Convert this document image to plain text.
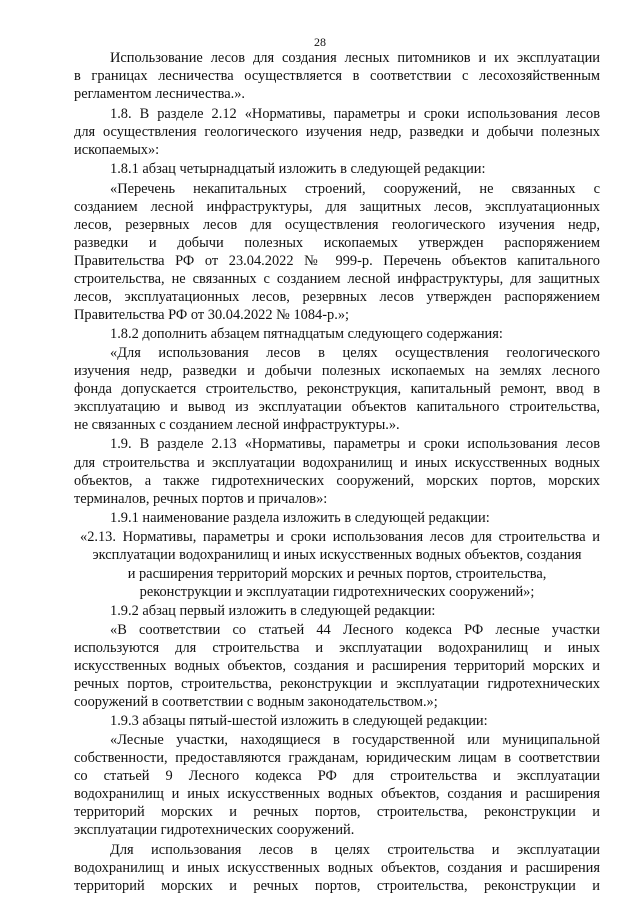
28
Использование лесов для создания лесных питомников и их эксплуатации
в границах лесничества осуществляется в соответствии с лесохозяйственным
регламентом лесничества.».
1.8. В разделе 2.12 «Нормативы, параметры и сроки использования лесов
для осуществления геологического изучения недр, разведки и добычи полезных
ископаемых»:
1.8.1 абзац четырнадцатый изложить в следующей редакции:
«Перечень некапитальных строений, сооружений, не связанных с
созданием лесной инфраструктуры, для защитных лесов, эксплуатационных
лесов, резервных лесов для осуществления геологического изучения недр,
разведки и добычи полезных ископаемых утвержден распоряжением
Правительства РФ от 23.04.2022 № 999-р. Перечень объектов капитального
строительства, не связанных с созданием лесной инфраструктуры, для защитных
лесов, эксплуатационных лесов, резервных лесов утвержден распоряжением
Правительства РФ от 30.04.2022 № 1084-р.»;
1.8.2 дополнить абзацем пятнадцатым следующего содержания:
«Для использования лесов в целях осуществления геологического
изучения недр, разведки и добычи полезных ископаемых на землях лесного
фонда допускается строительство, реконструкция, капитальный ремонт, ввод в
эксплуатацию и вывод из эксплуатации объектов капитального строительства,
не связанных с созданием лесной инфраструктуры.».
1.9. В разделе 2.13 «Нормативы, параметры и сроки использования лесов
для строительства и эксплуатации водохранилищ и иных искусственных водных
объектов, а также гидротехнических сооружений, морских портов, морских
терминалов, речных портов и причалов»:
1.9.1 наименование раздела изложить в следующей редакции:
«2.13. Нормативы, параметры и сроки использования лесов для строительства и
эксплуатации водохранилищ и иных искусственных водных объектов, создания
и расширения территорий морских и речных портов, строительства,
реконструкции и эксплуатации гидротехнических сооружений»;
1.9.2 абзац первый изложить в следующей редакции:
«В соответствии со статьей 44 Лесного кодекса РФ лесные участки
используются для строительства и эксплуатации водохранилищ и иных
искусственных водных объектов, создания и расширения территорий морских и
речных портов, строительства, реконструкции и эксплуатации гидротехнических
сооружений в соответствии с водным законодательством.»;
1.9.3 абзацы пятый-шестой изложить в следующей редакции:
«Лесные участки, находящиеся в государственной или муниципальной
собственности, предоставляются гражданам, юридическим лицам в соответствии
со статьей 9 Лесного кодекса РФ для строительства и эксплуатации
водохранилищ и иных искусственных водных объектов, создания и расширения
территорий морских и речных портов, строительства, реконструкции и
эксплуатации гидротехнических сооружений.
Для использования лесов в целях строительства и эксплуатации
водохранилищ и иных искусственных водных объектов, создания и расширения
территорий морских и речных портов, строительства, реконструкции и
